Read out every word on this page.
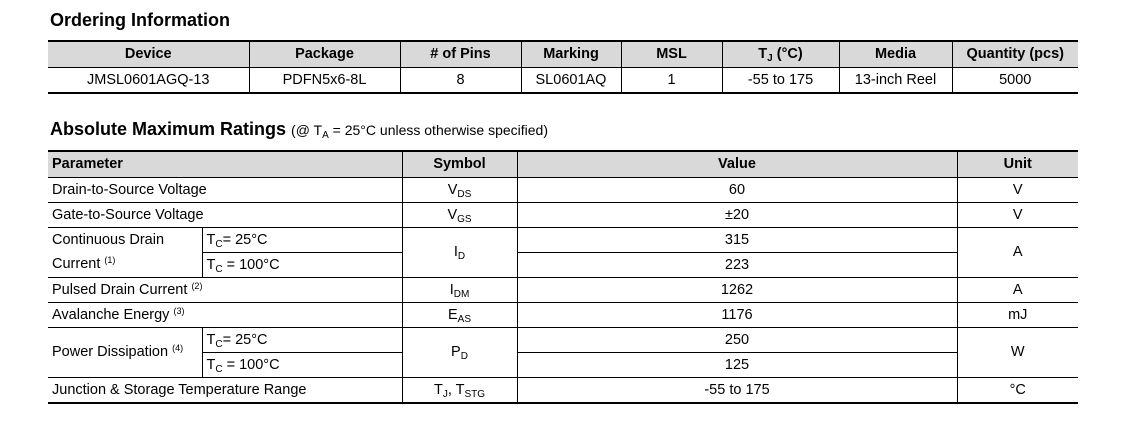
Ordering Information
Device	Package	# of Pins	Marking	MSL	$T_J$ (°C)	Media	Quantity (pcs)
JMSL0601AGQ-13	PDFN5x6-8L	8	SL0601AQ	1	-55 to 175	13-inch Reel	5000
Absolute Maximum Ratings (@ $T_A = 25^\circ C$ unless otherwise specified)
Parameter		Symbol	Value	Unit
Drain-to-Source Voltage		$V_{DS}$	60	V
Gate-to-Source Voltage		$V_{GS}$	±20	V
Continuous Drain
Current $^{(1)}$	$T_C= 25^\circ C$	$I_D$	315	A
	$T_C = 100^\circ C$		223	
Pulsed Drain Current $^{(2)}$		$I_{DM}$	1262	A
Avalanche Energy $^{(3)}$		$E_{AS}$	1176	mJ
Power Dissipation $^{(4)}$	$T_C= 25^\circ C$	$P_D$	250	W
	$T_C = 100^\circ C$		125	
Junction & Storage Temperature Range		$T_J$, $T_{STG}$	-55 to 175	°C
